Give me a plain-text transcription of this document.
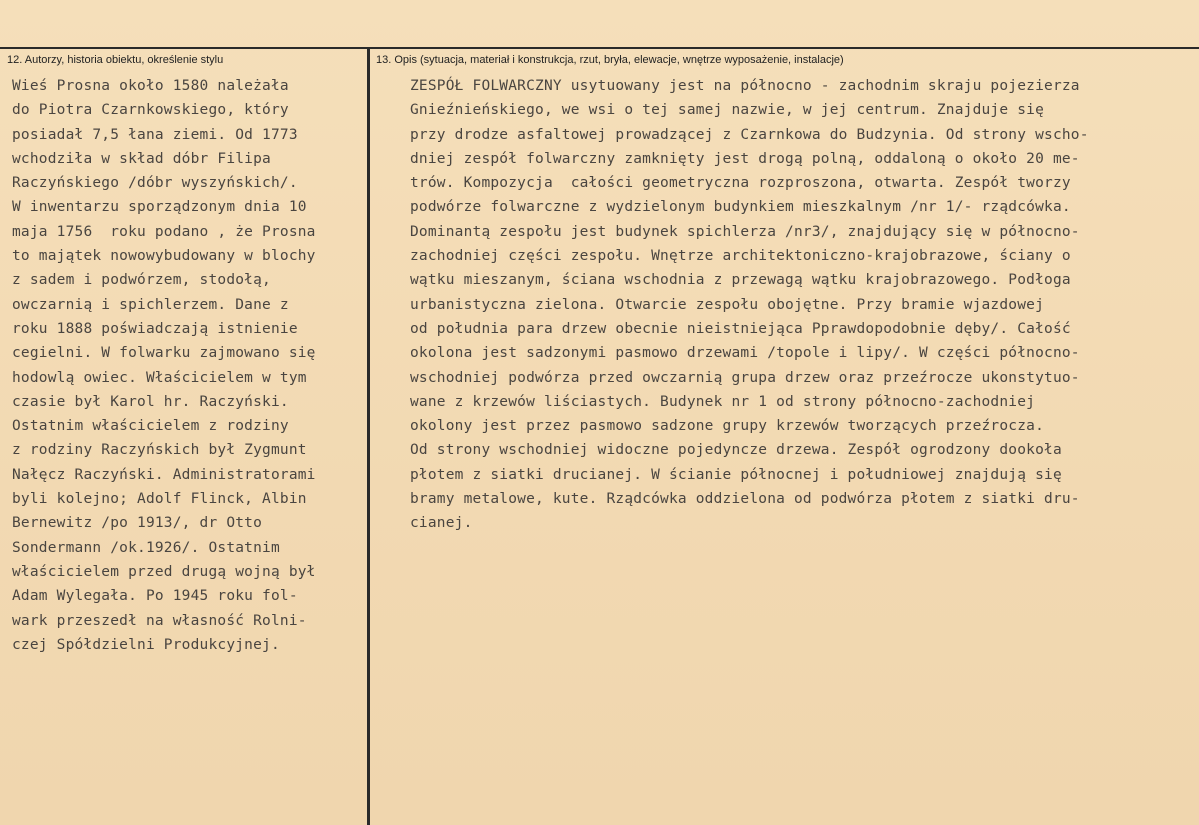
12. Autorzy, historia obiektu, określenie stylu	13. Opis (sytuacja, materiał i konstrukcja, rzut, bryła, elewacje, wnętrze wyposażenie, instalacje)
Wieś Prosna około 1580 należała
do Piotra Czarnkowskiego, który
posiadał 7,5 łana ziemi. Od 1773
wchodziła w skład dóbr Filipa
Raczyńskiego /dóbr wyszyńskich/.
W inwentarzu sporządzonym dnia 10
maja 1756  roku podano , że Prosna
to majątek nowowybudowany w blochy
z sadem i podwórzem, stodołą,
owczarnią i spichlerzem. Dane z
roku 1888 poświadczają istnienie
cegielni. W folwarku zajmowano się
hodowlą owiec. Właścicielem w tym
czasie był Karol hr. Raczyński.
Ostatnim właścicielem z rodziny
z rodziny Raczyńskich był Zygmunt
Nałęcz Raczyński. Administratorami
byli kolejno; Adolf Flinck, Albin
Bernewitz /po 1913/, dr Otto
Sondermann /ok.1926/. Ostatnim
właścicielem przed drugą wojną był
Adam Wylegała. Po 1945 roku fol-
wark przeszedł na własność Rolni-
czej Spółdzielni Produkcyjnej.
ZESPÓŁ FOLWARCZNY usytuowany jest na północno - zachodnim skraju pojezierza
Gnieźnieńskiego, we wsi o tej samej nazwie, w jej centrum. Znajduje się
przy drodze asfaltowej prowadzącej z Czarnkowa do Budzynia. Od strony wscho-
dniej zespół folwarczny zamknięty jest drogą polną, oddaloną o około 20 me-
trów. Kompozycja  całości geometryczna rozproszona, otwarta. Zespół tworzy
podwórze folwarczne z wydzielonym budynkiem mieszkalnym /nr 1/- rządcówka.
Dominantą zespołu jest budynek spichlerza /nr3/, znajdujący się w północno-
zachodniej części zespołu. Wnętrze architektoniczno-krajobrazowe, ściany o
wątku mieszanym, ściana wschodnia z przewagą wątku krajobrazowego. Podłoga
urbanistyczna zielona. Otwarcie zespołu obojętne. Przy bramie wjazdowej
od południa para drzew obecnie nieistniejąca Pprawdopodobnie dęby/. Całość
okolona jest sadzonymi pasmowo drzewami /topole i lipy/. W części północno-
wschodniej podwórza przed owczarnią grupa drzew oraz przeźrocze ukonstytuo-
wane z krzewów liściastych. Budynek nr 1 od strony północno-zachodniej
okolony jest przez pasmowo sadzone grupy krzewów tworzących przeźrocza.
Od strony wschodniej widoczne pojedyncze drzewa. Zespół ogrodzony dookoła
płotem z siatki drucianej. W ścianie północnej i południowej znajdują się
bramy metalowe, kute. Rządcówka oddzielona od podwórza płotem z siatki dru-
cianej.
